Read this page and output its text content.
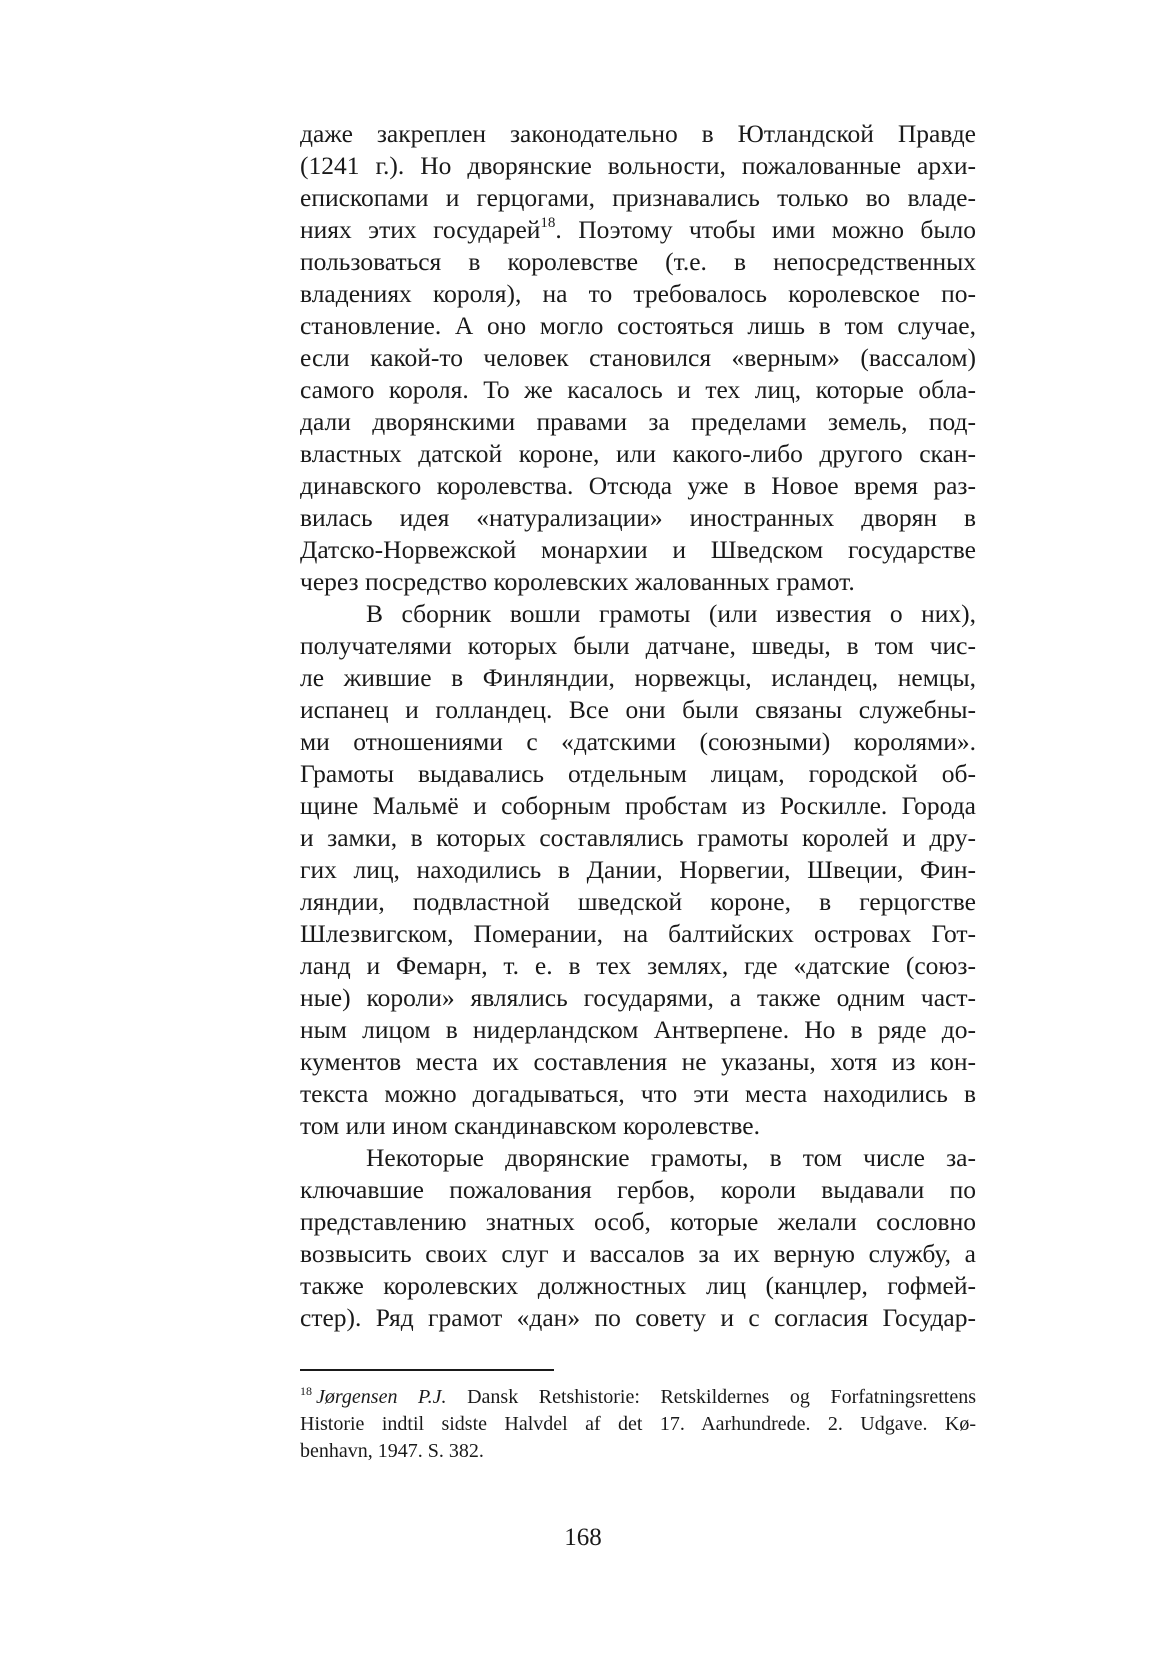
даже закреплен законодательно в Ютландской Правде
(1241 г.). Но дворянские вольности, пожалованные архи-
епископами и герцогами, признавались только во владе-
ниях этих государей$^{18}$. Поэтому чтобы ими можно было
пользоваться в королевстве (т.е. в непосредственных
владениях короля), на то требовалось королевское по-
становление. А оно могло состояться лишь в том случае,
если какой-то человек становился «верным» (вассалом)
самого короля. То же касалось и тех лиц, которые обла-
дали дворянскими правами за пределами земель, под-
властных датской короне, или какого-либо другого скан-
динавского королевства. Отсюда уже в Новое время раз-
вилась идея «натурализации» иностранных дворян в
Датско-Норвежской монархии и Шведском государстве
через посредство королевских жалованных грамот.
В сборник вошли грамоты (или известия о них),
получателями которых были датчане, шведы, в том чис-
ле жившие в Финляндии, норвежцы, исландец, немцы,
испанец и голландец. Все они были связаны служебны-
ми отношениями с «датскими (союзными) королями».
Грамоты выдавались отдельным лицам, городской об-
щине Мальмё и соборным пробстам из Роскилле. Города
и замки, в которых составлялись грамоты королей и дру-
гих лиц, находились в Дании, Норвегии, Швеции, Фин-
ляндии, подвластной шведской короне, в герцогстве
Шлезвигском, Померании, на балтийских островах Гот-
ланд и Фемарн, т. е. в тех землях, где «датские (союз-
ные) короли» являлись государями, а также одним част-
ным лицом в нидерландском Антверпене. Но в ряде до-
кументов места их составления не указаны, хотя из кон-
текста можно догадываться, что эти места находились в
том или ином скандинавском королевстве.
Некоторые дворянские грамоты, в том числе за-
ключавшие пожалования гербов, короли выдавали по
представлению знатных особ, которые желали сословно
возвысить своих слуг и вассалов за их верную службу, а
также королевских должностных лиц (канцлер, гофмей-
стер). Ряд грамот «дан» по совету и с согласия Государ-
$^{18}$ Jørgensen P.J. Dansk Retshistorie: Retskildernes og Forfatningsrettens
Historie indtil sidste Halvdel af det 17. Aarhundrede. 2. Udgave. Kø-
benhavn, 1947. S. 382.
168
